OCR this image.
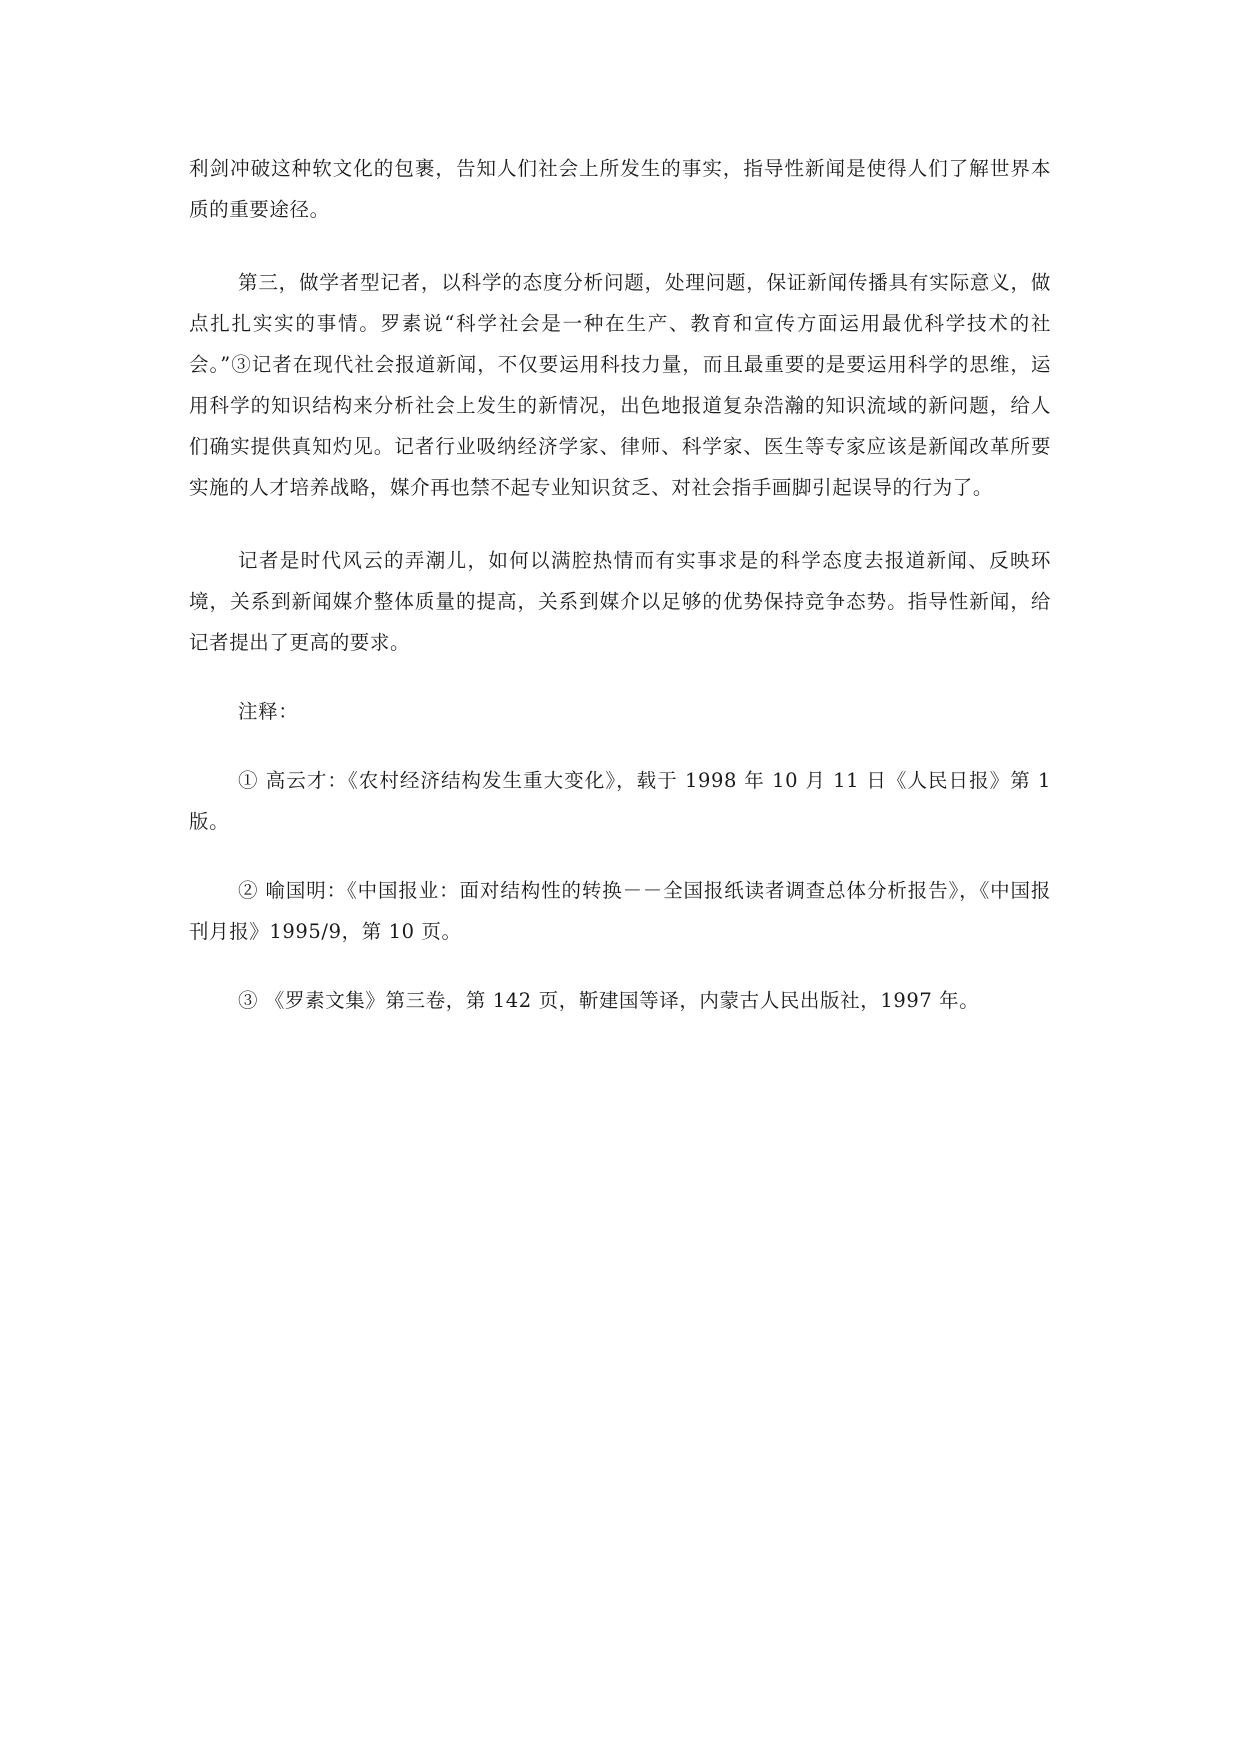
利剑冲破这种软文化的包裹，告知人们社会上所发生的事实，指导性新闻是使得人们了解世界本质的重要途径。

第三，做学者型记者，以科学的态度分析问题，处理问题，保证新闻传播具有实际意义，做点扎扎实实的事情。罗素说“科学社会是一种在生产、教育和宣传方面运用最优科学技术的社会。”③记者在现代社会报道新闻，不仅要运用科技力量，而且最重要的是要运用科学的思维，运用科学的知识结构来分析社会上发生的新情况，出色地报道复杂浩瀚的知识流域的新问题，给人们确实提供真知灼见。记者行业吸纳经济学家、律师、科学家、医生等专家应该是新闻改革所要实施的人才培养战略，媒介再也禁不起专业知识贫乏、对社会指手画脚引起误导的行为了。

记者是时代风云的弄潮儿，如何以满腔热情而有实事求是的科学态度去报道新闻、反映环境，关系到新闻媒介整体质量的提高，关系到媒介以足够的优势保持竞争态势。指导性新闻，给记者提出了更高的要求。

注释：

① 高云才：《农村经济结构发生重大变化》，载于 1998 年 10 月 11 日《人民日报》第 1 版。

② 喻国明：《中国报业：面对结构性的转换－－全国报纸读者调查总体分析报告》，《中国报刊月报》1995/9，第 10 页。

③ 《罗素文集》第三卷，第 142 页，靳建国等译，内蒙古人民出版社，1997 年。
